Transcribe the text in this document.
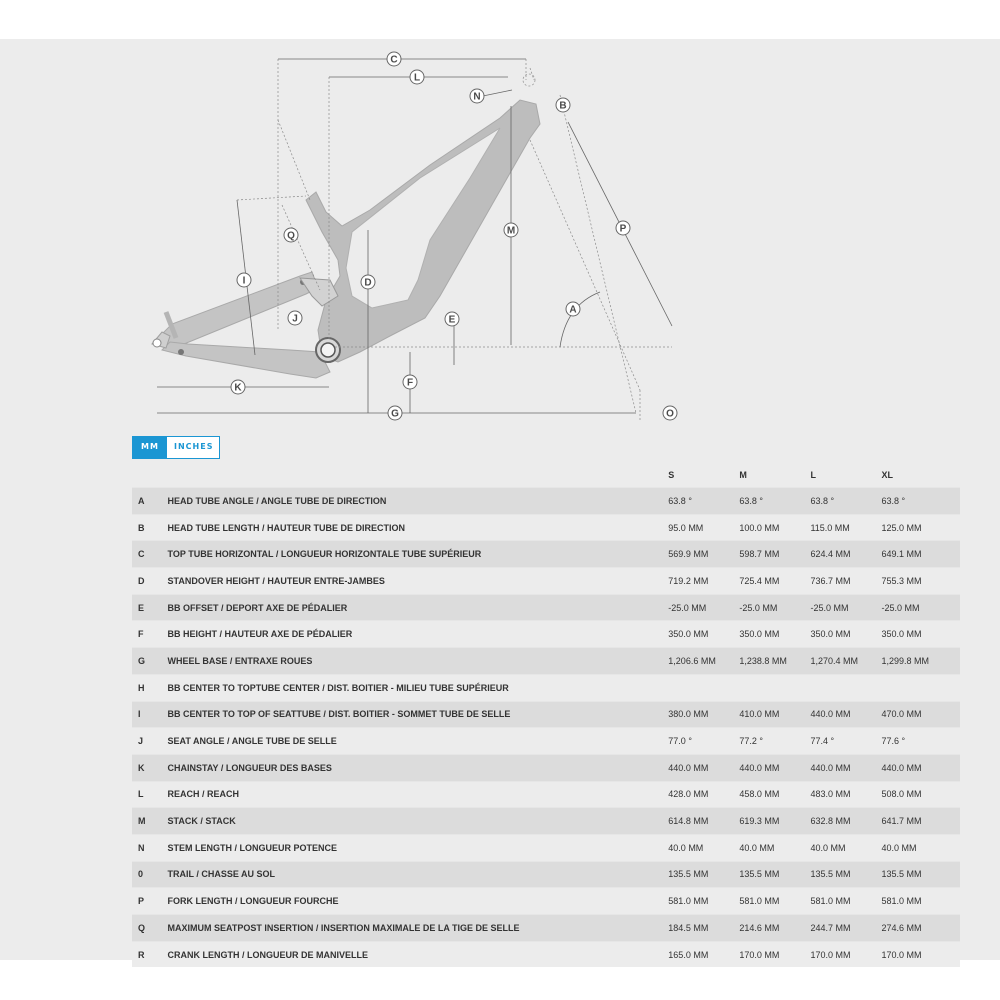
A
B
C
D
E
F
G
I
J
K
L
M
N
O
P
Q
MM	INCHES
		S	M	L	XL
A	HEAD TUBE ANGLE / ANGLE TUBE DE DIRECTION	63.8 °	63.8 °	63.8 °	63.8 °
B	HEAD TUBE LENGTH / HAUTEUR TUBE DE DIRECTION	95.0 MM	100.0 MM	115.0 MM	125.0 MM
C	TOP TUBE HORIZONTAL / LONGUEUR HORIZONTALE TUBE SUPÉRIEUR	569.9 MM	598.7 MM	624.4 MM	649.1 MM
D	STANDOVER HEIGHT / HAUTEUR ENTRE-JAMBES	719.2 MM	725.4 MM	736.7 MM	755.3 MM
E	BB OFFSET / DEPORT AXE DE PÉDALIER	-25.0 MM	-25.0 MM	-25.0 MM	-25.0 MM
F	BB HEIGHT / HAUTEUR AXE DE PÉDALIER	350.0 MM	350.0 MM	350.0 MM	350.0 MM
G	WHEEL BASE / ENTRAXE ROUES	1,206.6 MM	1,238.8 MM	1,270.4 MM	1,299.8 MM
H	BB CENTER TO TOPTUBE CENTER / DIST. BOITIER - MILIEU TUBE SUPÉRIEUR				
I	BB CENTER TO TOP OF SEATTUBE / DIST. BOITIER - SOMMET TUBE DE SELLE	380.0 MM	410.0 MM	440.0 MM	470.0 MM
J	SEAT ANGLE / ANGLE TUBE DE SELLE	77.0 °	77.2 °	77.4 °	77.6 °
K	CHAINSTAY / LONGUEUR DES BASES	440.0 MM	440.0 MM	440.0 MM	440.0 MM
L	REACH / REACH	428.0 MM	458.0 MM	483.0 MM	508.0 MM
M	STACK / STACK	614.8 MM	619.3 MM	632.8 MM	641.7 MM
N	STEM LENGTH / LONGUEUR POTENCE	40.0 MM	40.0 MM	40.0 MM	40.0 MM
0	TRAIL / CHASSE AU SOL	135.5 MM	135.5 MM	135.5 MM	135.5 MM
P	FORK LENGTH / LONGUEUR FOURCHE	581.0 MM	581.0 MM	581.0 MM	581.0 MM
Q	MAXIMUM SEATPOST INSERTION / INSERTION MAXIMALE DE LA TIGE DE SELLE	184.5 MM	214.6 MM	244.7 MM	274.6 MM
R	CRANK LENGTH / LONGUEUR DE MANIVELLE	165.0 MM	170.0 MM	170.0 MM	170.0 MM
